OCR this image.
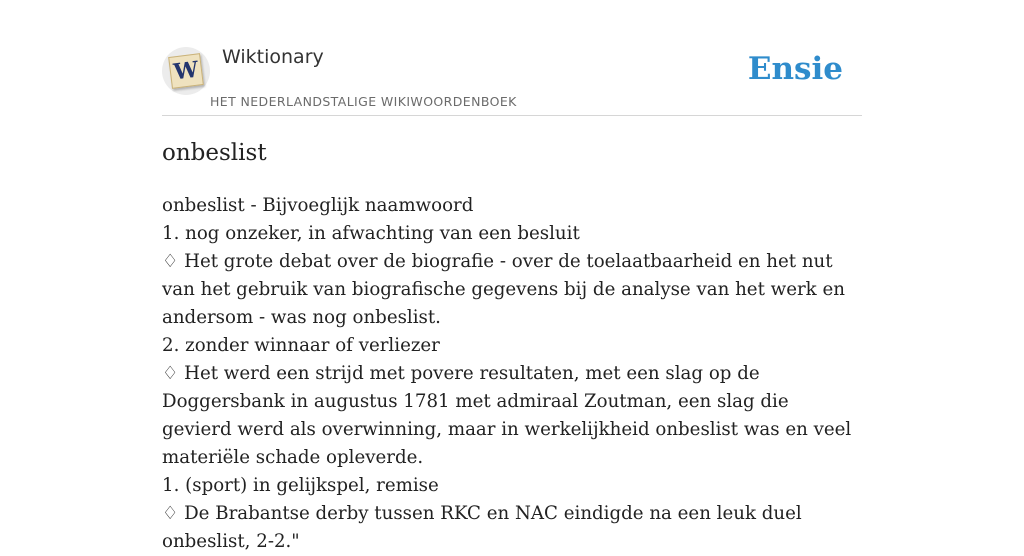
W Wiktionary
HET NEDERLANDSTALIGE WIKIWOORDENBOEK
Ensie
onbeslist
onbeslist - Bijvoeglijk naamwoord
1. nog onzeker, in afwachting van een besluit
♢ Het grote debat over de biografie - over de toelaatbaarheid en het nut van het gebruik van biografische gegevens bij de analyse van het werk en andersom - was nog onbeslist.
2. zonder winnaar of verliezer
♢ Het werd een strijd met povere resultaten, met een slag op de Doggersbank in augustus 1781 met admiraal Zoutman, een slag die gevierd werd als overwinning, maar in werkelijkheid onbeslist was en veel materiële schade opleverde.
1. (sport) in gelijkspel, remise
♢ De Brabantse derby tussen RKC en NAC eindigde na een leuk duel onbeslist, 2-2."
